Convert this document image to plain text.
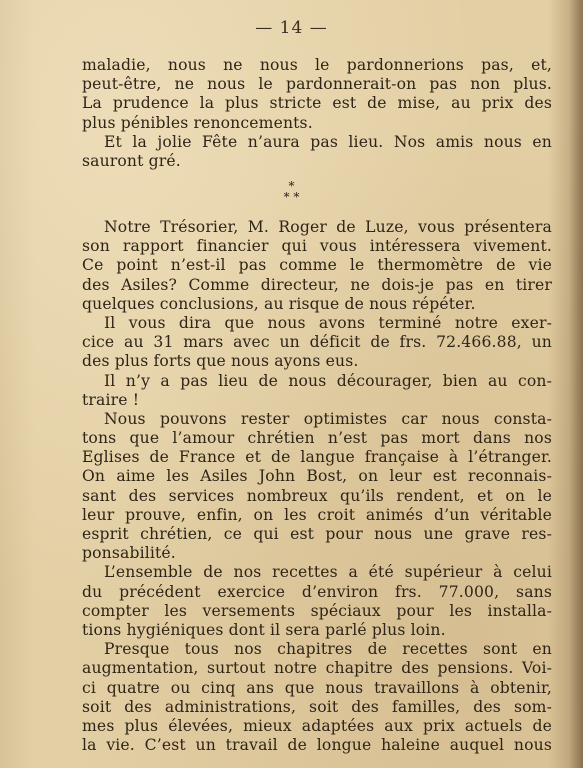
— 14 —
maladie, nous ne nous le pardonnerions pas, et,
peut-être, ne nous le pardonnerait-on pas non plus.
La prudence la plus stricte est de mise, au prix des
plus pénibles renoncements.
Et la jolie Fête n’aura pas lieu. Nos amis nous en
sauront gré.
*
* *
Notre Trésorier, M. Roger de Luze, vous présentera
son rapport financier qui vous intéressera vivement.
Ce point n’est-il pas comme le thermomètre de vie
des Asiles? Comme directeur, ne dois-je pas en tirer
quelques conclusions, au risque de nous répéter.
Il vous dira que nous avons terminé notre exer-
cice au 31 mars avec un déficit de frs. 72.466.88, un
des plus forts que nous ayons eus.
Il n’y a pas lieu de nous décourager, bien au con-
traire !
Nous pouvons rester optimistes car nous consta-
tons que l’amour chrétien n’est pas mort dans nos
Eglises de France et de langue française à l’étranger.
On aime les Asiles John Bost, on leur est reconnais-
sant des services nombreux qu’ils rendent, et on le
leur prouve, enfin, on les croit animés d’un véritable
esprit chrétien, ce qui est pour nous une grave res-
ponsabilité.
L’ensemble de nos recettes a été supérieur à celui
du précédent exercice d’environ frs. 77.000, sans
compter les versements spéciaux pour les installa-
tions hygiéniques dont il sera parlé plus loin.
Presque tous nos chapitres de recettes sont en
augmentation, surtout notre chapitre des pensions. Voi-
ci quatre ou cinq ans que nous travaillons à obtenir,
soit des administrations, soit des familles, des som-
mes plus élevées, mieux adaptées aux prix actuels de
la vie. C’est un travail de longue haleine auquel nous
